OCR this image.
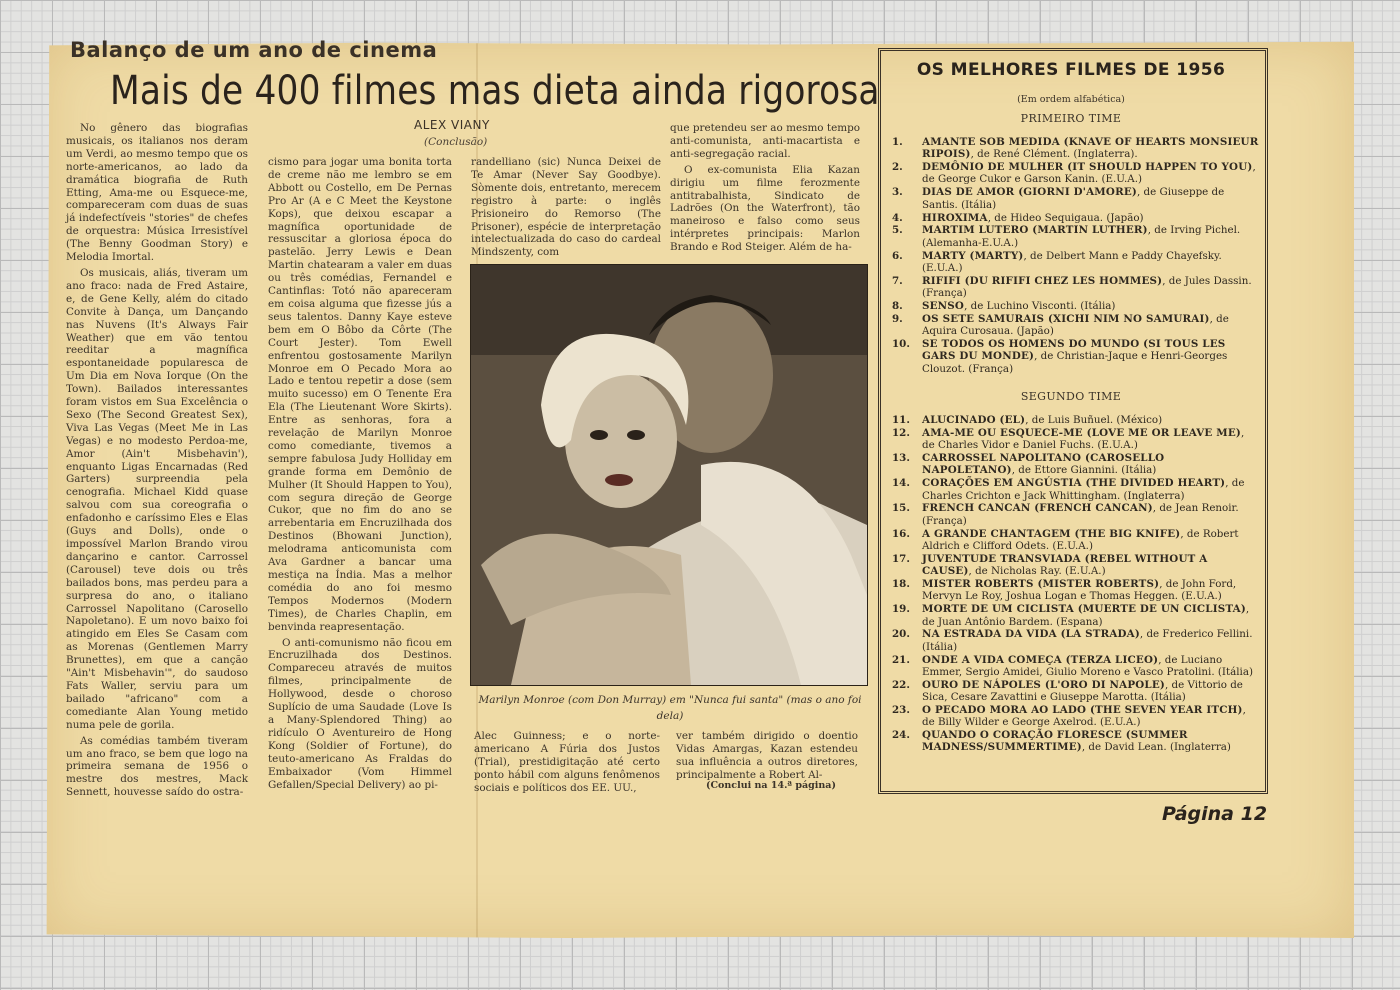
Balanço de um ano de cinema
Mais de 400 filmes mas dieta ainda rigorosa
ALEX VIANY
(Conclusão)

No gênero das biografias musicais, os italianos nos deram um Verdi, ao mesmo tempo que os norte-americanos, ao lado da dramática biografia de Ruth Etting, Ama-me ou Esquece-me, compareceram com duas de suas já indefectíveis "stories" de chefes de orquestra: Música Irresistível (The Benny Goodman Story) e Melodia Imortal.

Os musicais, aliás, tiveram um ano fraco: nada de Fred Astaire, e, de Gene Kelly, além do citado Convite à Dança, um Dançando nas Nuvens (It's Always Fair Weather) que em vão tentou reeditar a magnífica espontaneidade popularesca de Um Dia em Nova Iorque (On the Town). Bailados interessantes foram vistos em Sua Excelência o Sexo (The Second Greatest Sex), Viva Las Vegas (Meet Me in Las Vegas) e no modesto Perdoa-me, Amor (Ain't Misbehavin'), enquanto Ligas Encarnadas (Red Garters) surpreendia pela cenografia. Michael Kidd quase salvou com sua coreografia o enfadonho e caríssimo Eles e Elas (Guys and Dolls), onde o impossível Marlon Brando virou dançarino e cantor. Carrossel (Carousel) teve dois ou três bailados bons, mas perdeu para a surpresa do ano, o italiano Carrossel Napolitano (Carosello Napoletano). E um novo baixo foi atingido em Eles Se Casam com as Morenas (Gentlemen Marry Brunettes), em que a canção "Ain't Misbehavin'", do saudoso Fats Waller, serviu para um bailado "africano" com a comediante Alan Young metido numa pele de gorila.

As comédias também tiveram um ano fraco, se bem que logo na primeira semana de 1956 o mestre dos mestres, Mack Sennett, houvesse saído do ostra-

cismo para jogar uma bonita torta de creme não me lembro se em Abbott ou Costello, em De Pernas Pro Ar (A e C Meet the Keystone Kops), que deixou escapar a magnífica oportunidade de ressuscitar a gloriosa época do pastelão. Jerry Lewis e Dean Martin chatearam a valer em duas ou três comédias, Fernandel e Cantinflas: Totó não apareceram em coisa alguma que fizesse jús a seus talentos. Danny Kaye esteve bem em O Bôbo da Côrte (The Court Jester). Tom Ewell enfrentou gostosamente Marilyn Monroe em O Pecado Mora ao Lado e tentou repetir a dose (sem muito sucesso) em O Tenente Era Ela (The Lieutenant Wore Skirts). Entre as senhoras, fora a revelação de Marilyn Monroe como comediante, tivemos a sempre fabulosa Judy Holliday em grande forma em Demônio de Mulher (It Should Happen to You), com segura direção de George Cukor, que no fim do ano se arrebentaria em Encruzilhada dos Destinos (Bhowani Junction), melodrama anticomunista com Ava Gardner a bancar uma mestiça na Índia. Mas a melhor comédia do ano foi mesmo Tempos Modernos (Modern Times), de Charles Chaplin, em benvinda reapresentação.

O anti-comunismo não ficou em Encruzilhada dos Destinos. Compareceu através de muitos filmes, principalmente de Hollywood, desde o choroso Suplício de uma Saudade (Love Is a Many-Splendored Thing) ao ridículo O Aventureiro de Hong Kong (Soldier of Fortune), do teuto-americano As Fraldas do Embaixador (Vom Himmel Gefallen/Special Delivery) ao pi-

randelliano (sic) Nunca Deixei de Te Amar (Never Say Goodbye). Sòmente dois, entretanto, merecem registro à parte: o inglês Prisioneiro do Remorso (The Prisoner), espécie de interpretação intelectualizada do caso do cardeal Mindszenty, com

que pretendeu ser ao mesmo tempo anti-comunista, anti-macartista e anti-segregação racial.

O ex-comunista Elia Kazan dirigiu um filme ferozmente antitrabalhista, Sindicato de Ladrões (On the Waterfront), tão maneiroso e falso como seus intérpretes principais: Marlon Brando e Rod Steiger. Além de ha-

Marilyn Monroe (com Don Murray) em "Nunca fui santa" (mas o ano foi dela)

Alec Guinness; e o norte-americano A Fúria dos Justos (Trial), prestidigitação até certo ponto hábil com alguns fenômenos sociais e políticos dos EE. UU.,

ver também dirigido o doentio Vidas Amargas, Kazan estendeu sua influência a outros diretores, principalmente a Robert Al-

(Conclui na 14.ª página)
OS MELHORES FILMES DE 1956
(Em ordem alfabética)
PRIMEIRO TIME
1. AMANTE SOB MEDIDA (KNAVE OF HEARTS MONSIEUR RIPOIS), de René Clément. (Inglaterra).
2. DEMÔNIO DE MULHER (IT SHOULD HAPPEN TO YOU), de George Cukor e Garson Kanin. (E.U.A.)
3. DIAS DE AMOR (GIORNI D'AMORE), de Giuseppe de Santis. (Itália)
4. HIROXIMA, de Hideo Sequigaua. (Japão)
5. MARTIM LUTERO (MARTIN LUTHER), de Irving Pichel. (Alemanha-E.U.A.)
6. MARTY (MARTY), de Delbert Mann e Paddy Chayefsky. (E.U.A.)
7. RIFIFI (DU RIFIFI CHEZ LES HOMMES), de Jules Dassin. (França)
8. SENSO, de Luchino Visconti. (Itália)
9. OS SETE SAMURAIS (XICHI NIM NO SAMURAI), de Aquira Curosaua. (Japão)
10. SE TODOS OS HOMENS DO MUNDO (SI TOUS LES GARS DU MONDE), de Christian-Jaque e Henri-Georges Clouzot. (França)
SEGUNDO TIME
11. ALUCINADO (EL), de Luis Buñuel. (México)
12. AMA-ME OU ESQUECE-ME (LOVE ME OR LEAVE ME), de Charles Vidor e Daniel Fuchs. (E.U.A.)
13. CARROSSEL NAPOLITANO (CAROSELLO NAPOLETANO), de Ettore Giannini. (Itália)
14. CORAÇÕES EM ANGÚSTIA (THE DIVIDED HEART), de Charles Crichton e Jack Whittingham. (Inglaterra)
15. FRENCH CANCAN (FRENCH CANCAN), de Jean Renoir. (França)
16. A GRANDE CHANTAGEM (THE BIG KNIFE), de Robert Aldrich e Clifford Odets. (E.U.A.)
17. JUVENTUDE TRANSVIADA (REBEL WITHOUT A CAUSE), de Nicholas Ray. (E.U.A.)
18. MISTER ROBERTS (MISTER ROBERTS), de John Ford, Mervyn Le Roy, Joshua Logan e Thomas Heggen. (E.U.A.)
19. MORTE DE UM CICLISTA (MUERTE DE UN CICLISTA), de Juan Antônio Bardem. (Espana)
20. NA ESTRADA DA VIDA (LA STRADA), de Frederico Fellini. (Itália)
21. ONDE A VIDA COMEÇA (TERZA LICEO), de Luciano Emmer, Sergio Amidei, Giulio Moreno e Vasco Pratolini. (Itália)
22. OURO DE NÁPOLES (L'ORO DI NAPOLE), de Vittorio de Sica, Cesare Zavattini e Giuseppe Marotta. (Itália)
23. O PECADO MORA AO LADO (THE SEVEN YEAR ITCH), de Billy Wilder e George Axelrod. (E.U.A.)
24. QUANDO O CORAÇÃO FLORESCE (SUMMER MADNESS/SUMMERTIME), de David Lean. (Inglaterra)
Página 12
